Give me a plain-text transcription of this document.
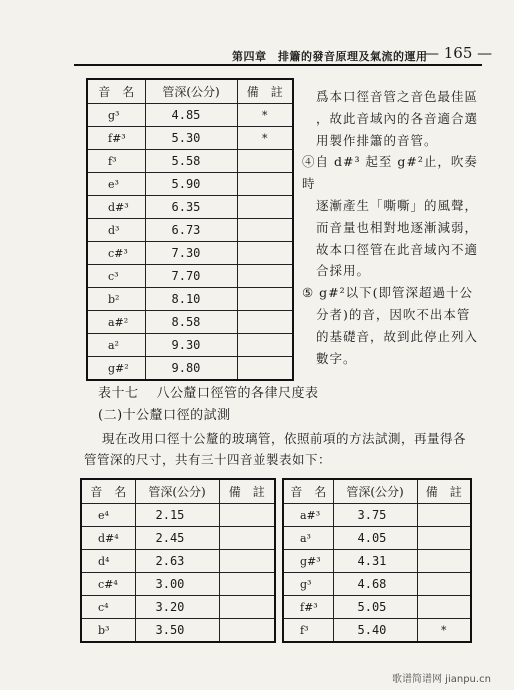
第四章　排簫的發音原理及氣流的運用
— 165 —
音　名	管深(公分)	備　註
g³	4.85	*
f#³	5.30	*
f³	5.58	
e³	5.90	
d#³	6.35	
d³	6.73	
c#³	7.30	
c³	7.70	
b²	8.10	
a#²	8.58	
a²	9.30	
g#²	9.80	

爲本口徑音管之音色最佳區

，故此音域內的各音適合選

用製作排簫的音管。

④自 d#³ 起至 g#²止，吹奏時

逐漸產生「嘶嘶」的風聲，

而音量也相對地逐漸減弱，

故本口徑管在此音域內不適

合採用。

⑤ g#²以下(即管深超過十公

分者)的音，因吹不出本管

的基礎音，故到此停止列入

數字。

表十七 八公釐口徑管的各律尺度表
(二)十公釐口徑的試測
現在改用口徑十公釐的玻璃管，依照前項的方法試測，再量得各
管管深的尺寸，共有三十四音並製表如下：
音　名	管深(公分)	備　註
e⁴	2.15	
d#⁴	2.45	
d⁴	2.63	
c#⁴	3.00	
c⁴	3.20	
b³	3.50	
音　名	管深(公分)	備　註
a#³	3.75	
a³	4.05	
g#³	4.31	
g³	4.68	
f#³	5.05	
f³	5.40	*
歌谱简谱网 jianpu.cn
